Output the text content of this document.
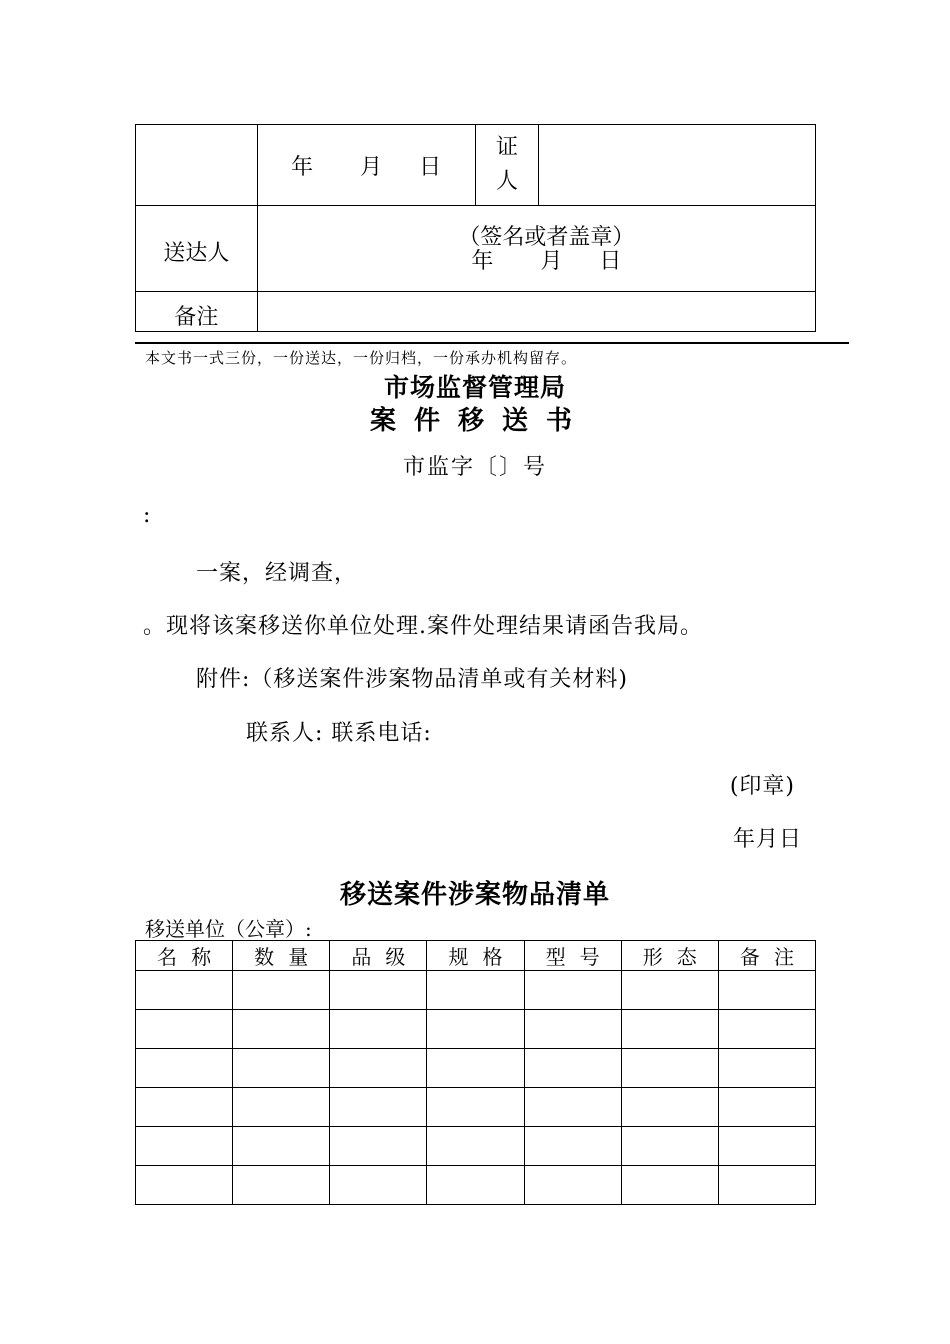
	年 月 日	证
人	

送达人	（签名或者盖章）
年 月 日		

备注			
本文书一式三份，一份送达，一份归档，一份承办机构留存。
市场监督管理局
案件移送书
市监字〔〕号
:
一案，经调查，
。现将该案移送你单位处理.案件处理结果请函告我局。
附件:（移送案件涉案物品清单或有关材料)
联系人: 联系电话:
(印章)
年月日
移送案件涉案物品清单
移送单位（公章）:
名 称	数 量	品 级	规 格	型 号	形 态	备 注
